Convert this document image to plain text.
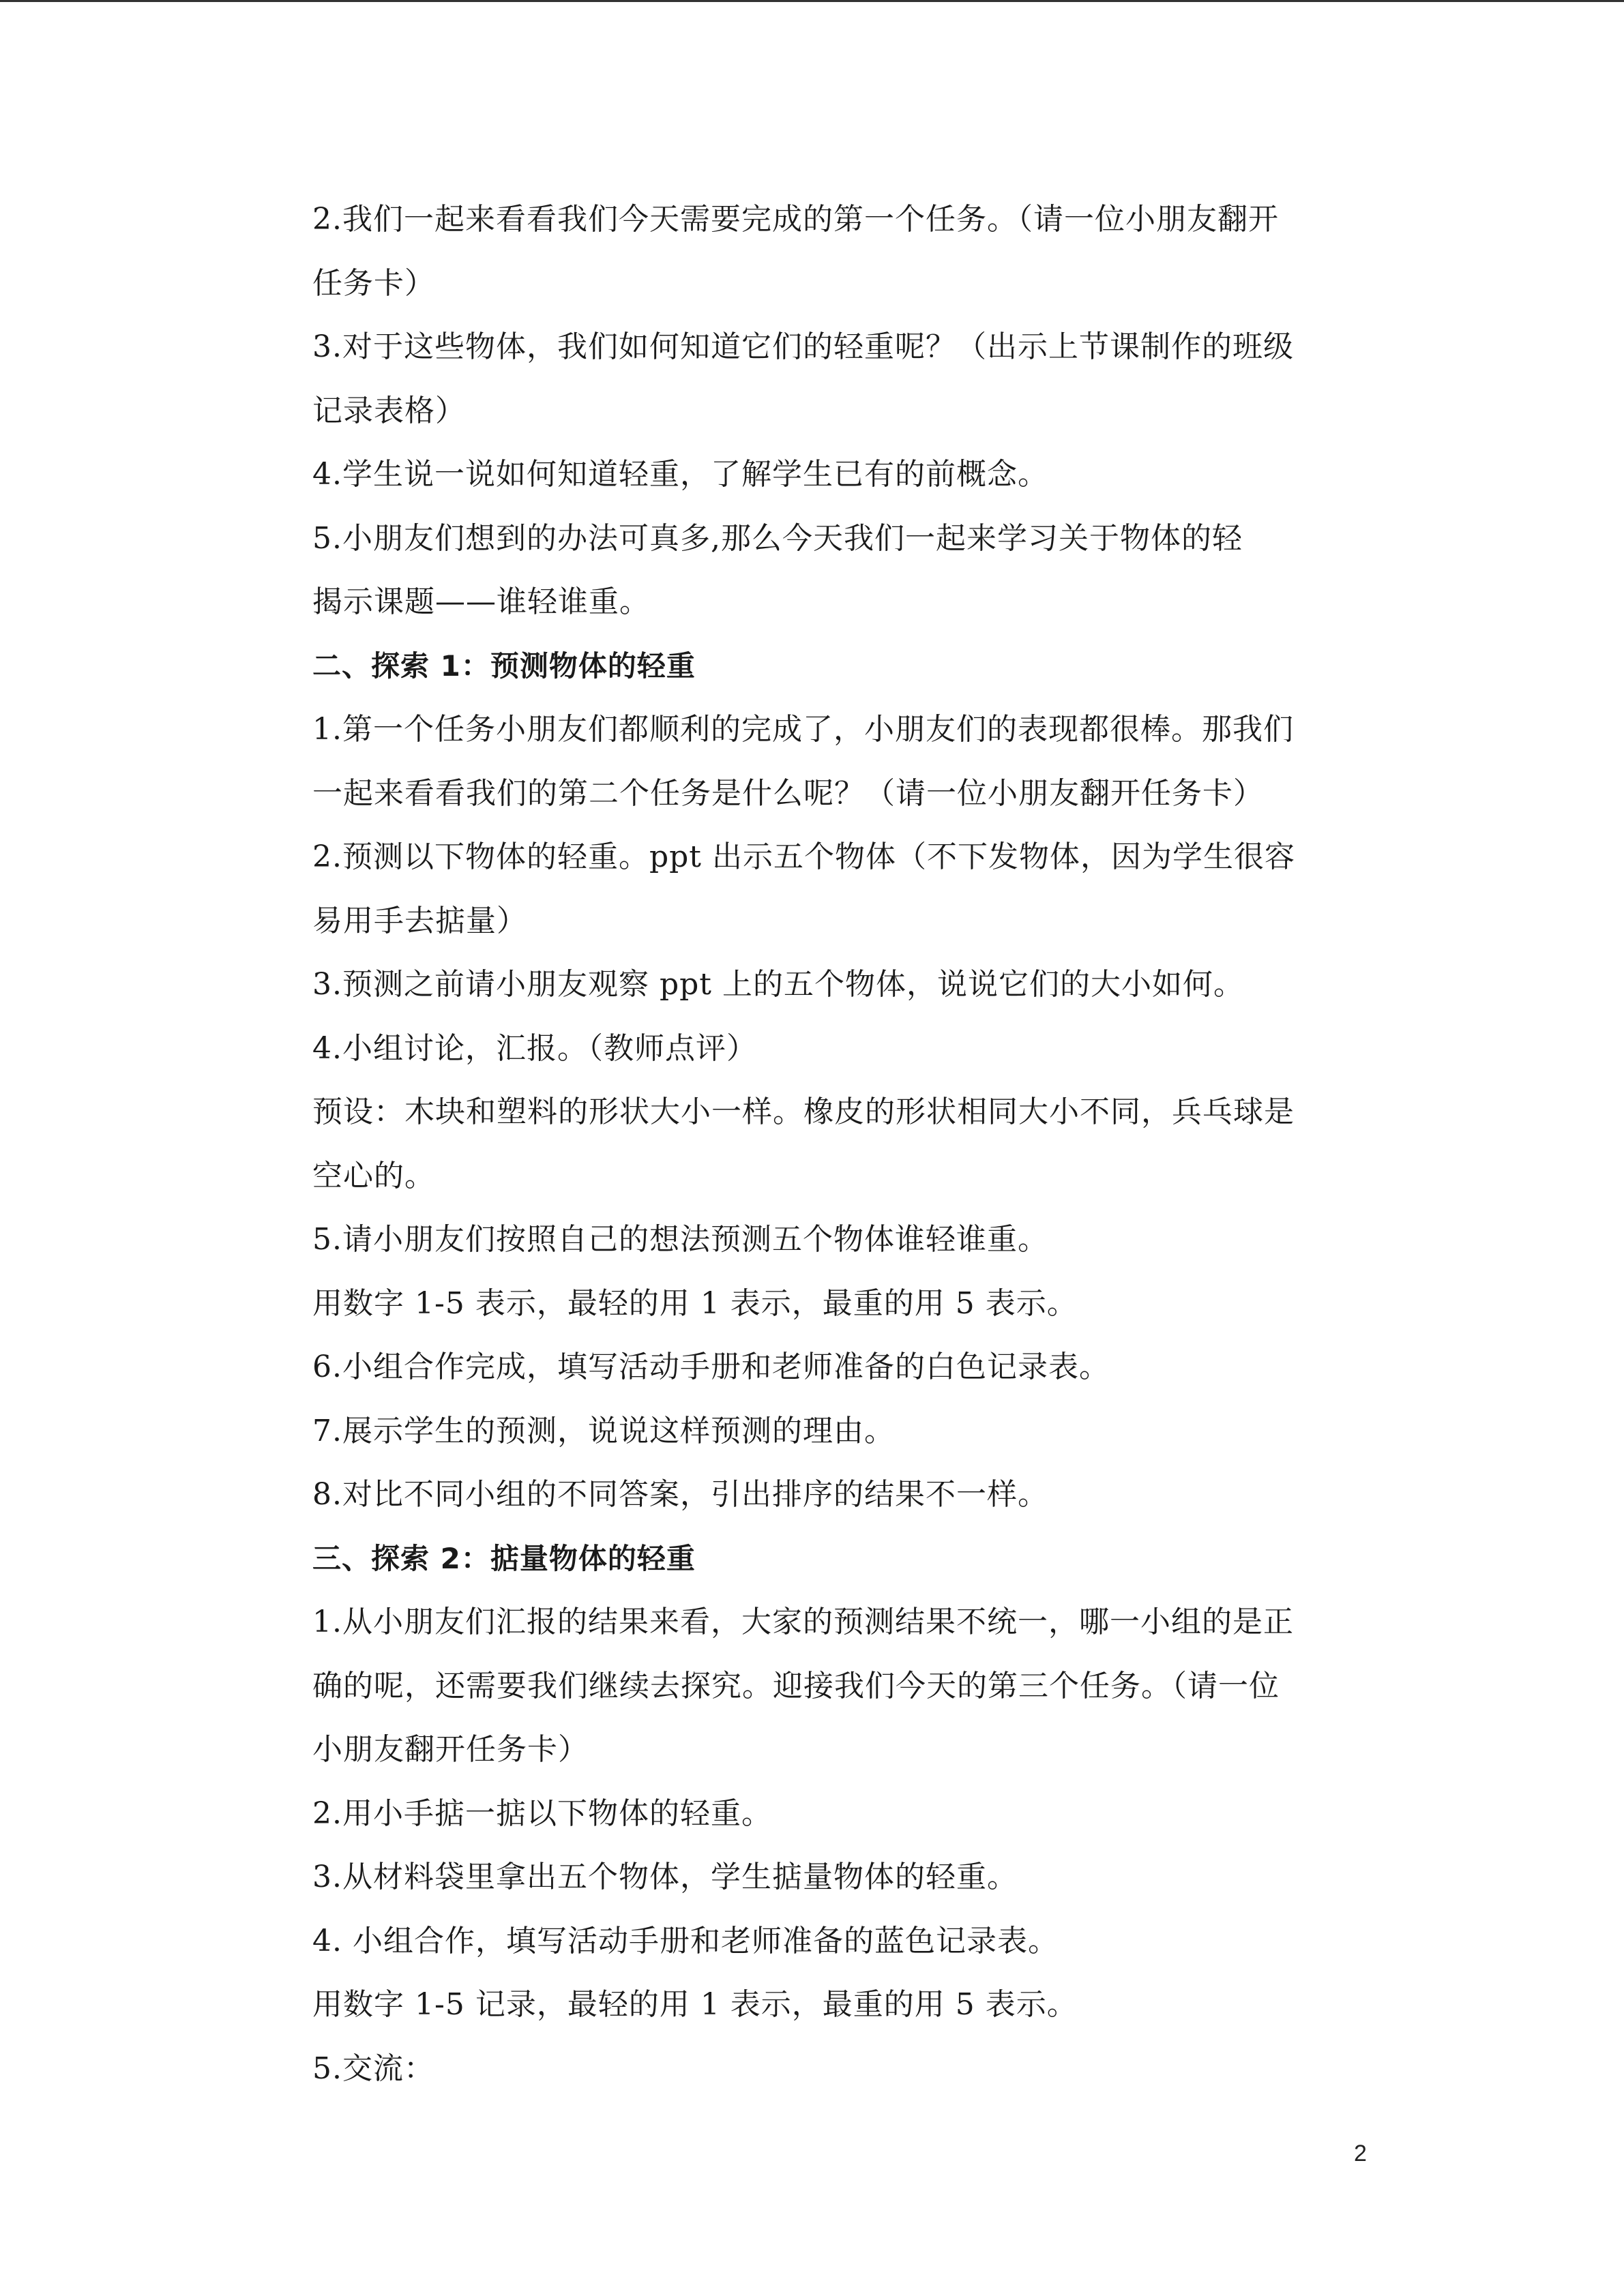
2.我们一起来看看我们今天需要完成的第一个任务。（请一位小朋友翻开
任务卡）
3.对于这些物体，我们如何知道它们的轻重呢？（出示上节课制作的班级
记录表格）
4.学生说一说如何知道轻重，了解学生已有的前概念。
5.小朋友们想到的办法可真多,那么今天我们一起来学习关于物体的轻
揭示课题——谁轻谁重。
二、探索 1：预测物体的轻重
1.第一个任务小朋友们都顺利的完成了，小朋友们的表现都很棒。那我们
一起来看看我们的第二个任务是什么呢？（请一位小朋友翻开任务卡）
2.预测以下物体的轻重。ppt 出示五个物体（不下发物体，因为学生很容
易用手去掂量）
3.预测之前请小朋友观察 ppt 上的五个物体，说说它们的大小如何。
4.小组讨论，汇报。（教师点评）
预设：木块和塑料的形状大小一样。橡皮的形状相同大小不同，兵乓球是
空心的。
5.请小朋友们按照自己的想法预测五个物体谁轻谁重。
用数字 1-5 表示，最轻的用 1 表示，最重的用 5 表示。
6.小组合作完成，填写活动手册和老师准备的白色记录表。
7.展示学生的预测，说说这样预测的理由。
8.对比不同小组的不同答案，引出排序的结果不一样。
三、探索 2：掂量物体的轻重
1.从小朋友们汇报的结果来看，大家的预测结果不统一，哪一小组的是正
确的呢，还需要我们继续去探究。迎接我们今天的第三个任务。（请一位
小朋友翻开任务卡）
2.用小手掂一掂以下物体的轻重。
3.从材料袋里拿出五个物体，学生掂量物体的轻重。
4. 小组合作，填写活动手册和老师准备的蓝色记录表。
用数字 1-5 记录，最轻的用 1 表示，最重的用 5 表示。
5.交流：
2
